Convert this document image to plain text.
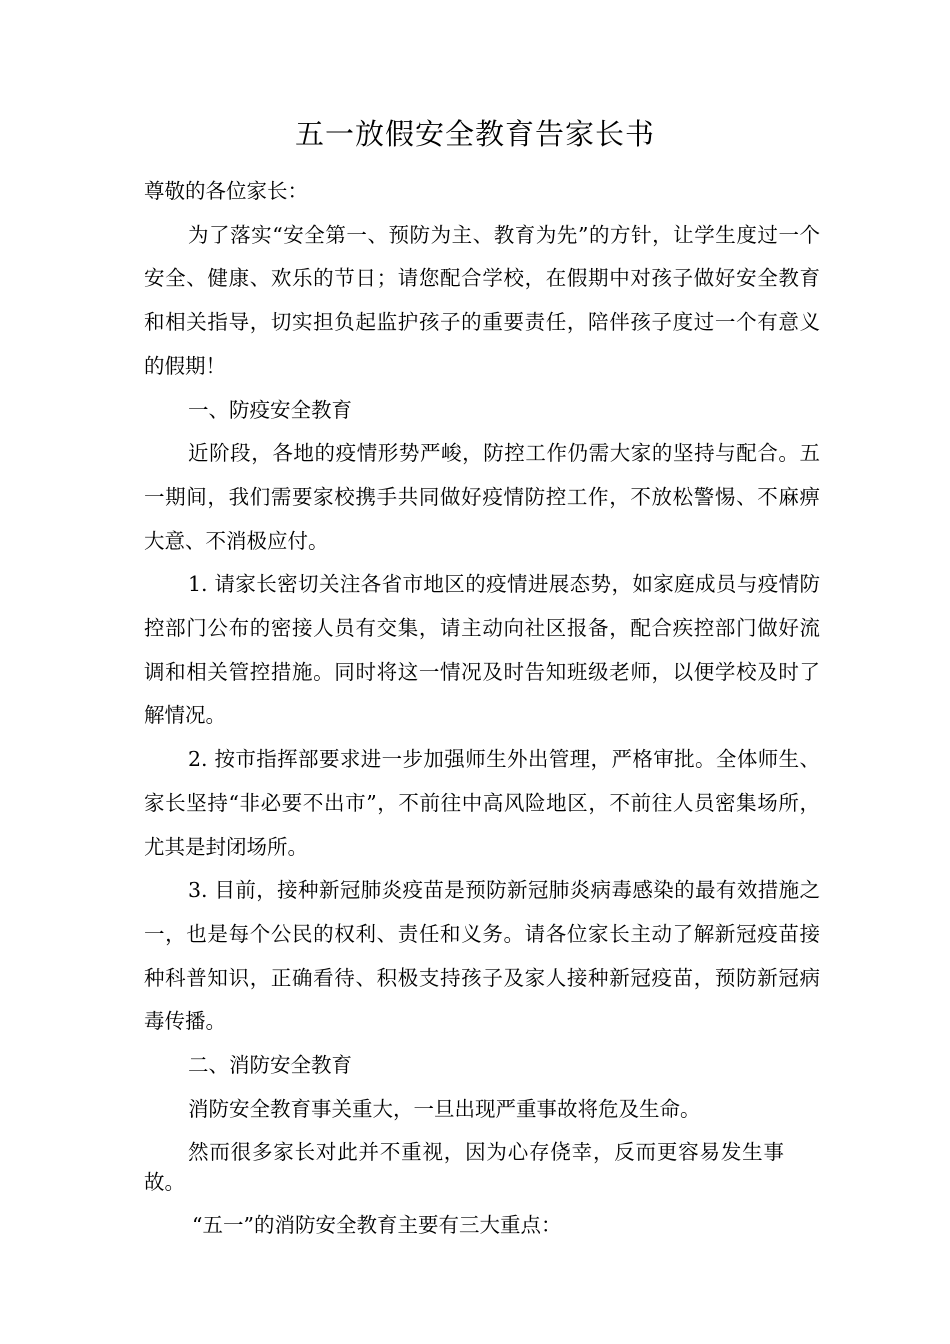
五一放假安全教育告家长书

尊敬的各位家长：

为了落实“安全第一、预防为主、教育为先”的方针，让学生度过一个安全、健康、欢乐的节日；请您配合学校，在假期中对孩子做好安全教育和相关指导，切实担负起监护孩子的重要责任，陪伴孩子度过一个有意义的假期！

一、防疫安全教育

近阶段，各地的疫情形势严峻，防控工作仍需大家的坚持与配合。五一期间，我们需要家校携手共同做好疫情防控工作，不放松警惕、不麻痹大意、不消极应付。

1. 请家长密切关注各省市地区的疫情进展态势，如家庭成员与疫情防控部门公布的密接人员有交集，请主动向社区报备，配合疾控部门做好流调和相关管控措施。同时将这一情况及时告知班级老师，以便学校及时了解情况。

2. 按市指挥部要求进一步加强师生外出管理，严格审批。全体师生、家长坚持“非必要不出市”，不前往中高风险地区，不前往人员密集场所，尤其是封闭场所。

3. 目前，接种新冠肺炎疫苗是预防新冠肺炎病毒感染的最有效措施之一，也是每个公民的权利、责任和义务。请各位家长主动了解新冠疫苗接种科普知识，正确看待、积极支持孩子及家人接种新冠疫苗，预防新冠病毒传播。

二、消防安全教育

消防安全教育事关重大，一旦出现严重事故将危及生命。

然而很多家长对此并不重视，因为心存侥幸，反而更容易发生事故。

“五一”的消防安全教育主要有三大重点：
